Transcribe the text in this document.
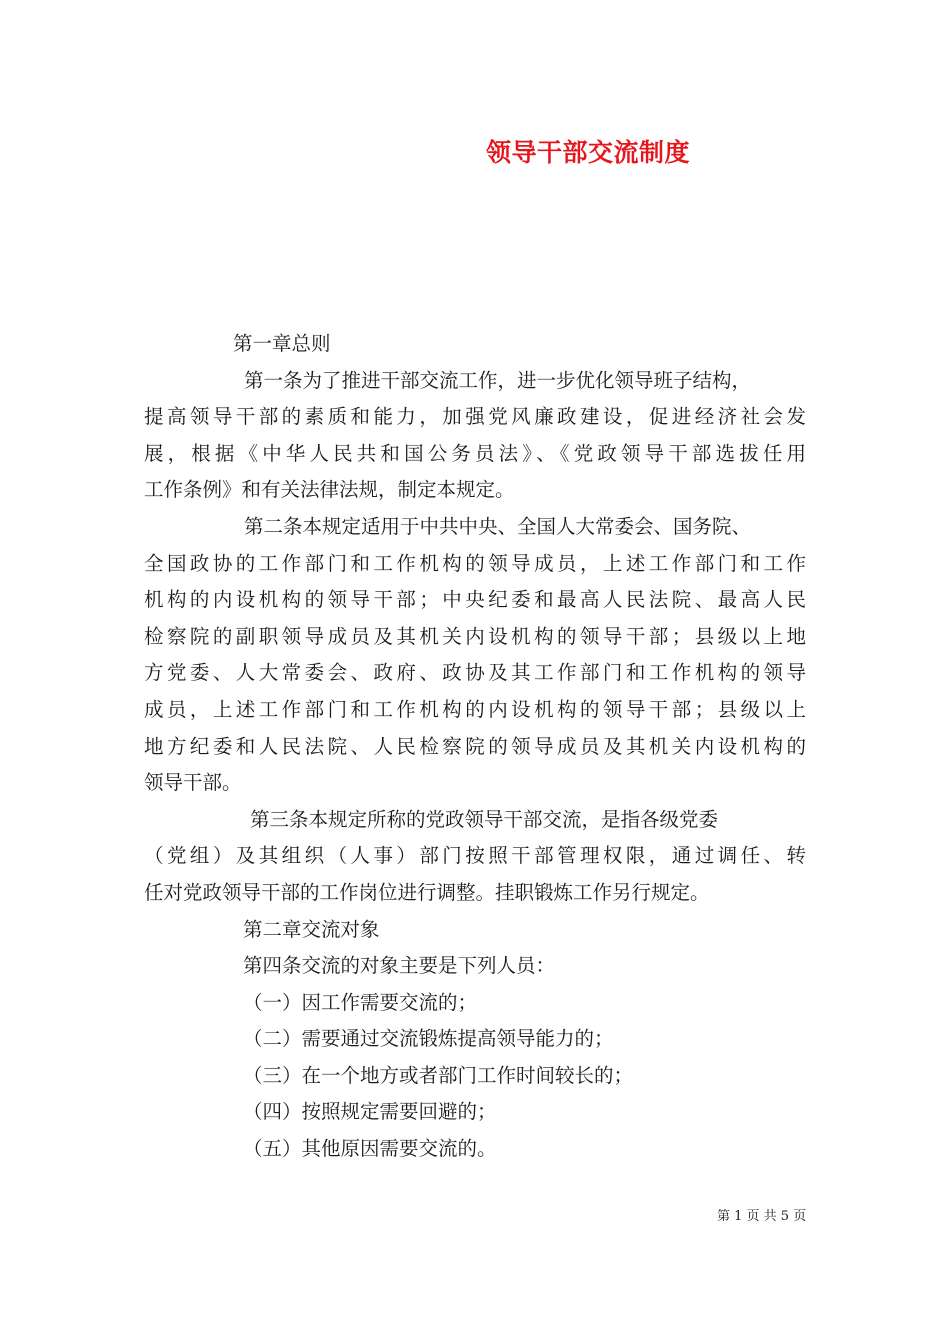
领导干部交流制度
第一章总则
第一条为了推进干部交流工作，进一步优化领导班子结构，
提高领导干部的素质和能力，加强党风廉政建设，促进经济社会发
展，根据《中华人民共和国公务员法》、《党政领导干部选拔任用
工作条例》和有关法律法规，制定本规定。
第二条本规定适用于中共中央、全国人大常委会、国务院、
全国政协的工作部门和工作机构的领导成员，上述工作部门和工作
机构的内设机构的领导干部；中央纪委和最高人民法院、最高人民
检察院的副职领导成员及其机关内设机构的领导干部；县级以上地
方党委、人大常委会、政府、政协及其工作部门和工作机构的领导
成员，上述工作部门和工作机构的内设机构的领导干部；县级以上
地方纪委和人民法院、人民检察院的领导成员及其机关内设机构的
领导干部。
第三条本规定所称的党政领导干部交流，是指各级党委
（党组）及其组织（人事）部门按照干部管理权限，通过调任、转
任对党政领导干部的工作岗位进行调整。挂职锻炼工作另行规定。
第二章交流对象
第四条交流的对象主要是下列人员：
（一）因工作需要交流的；
（二）需要通过交流锻炼提高领导能力的；
（三）在一个地方或者部门工作时间较长的；
（四）按照规定需要回避的；
（五）其他原因需要交流的。
第 1 页 共 5 页
